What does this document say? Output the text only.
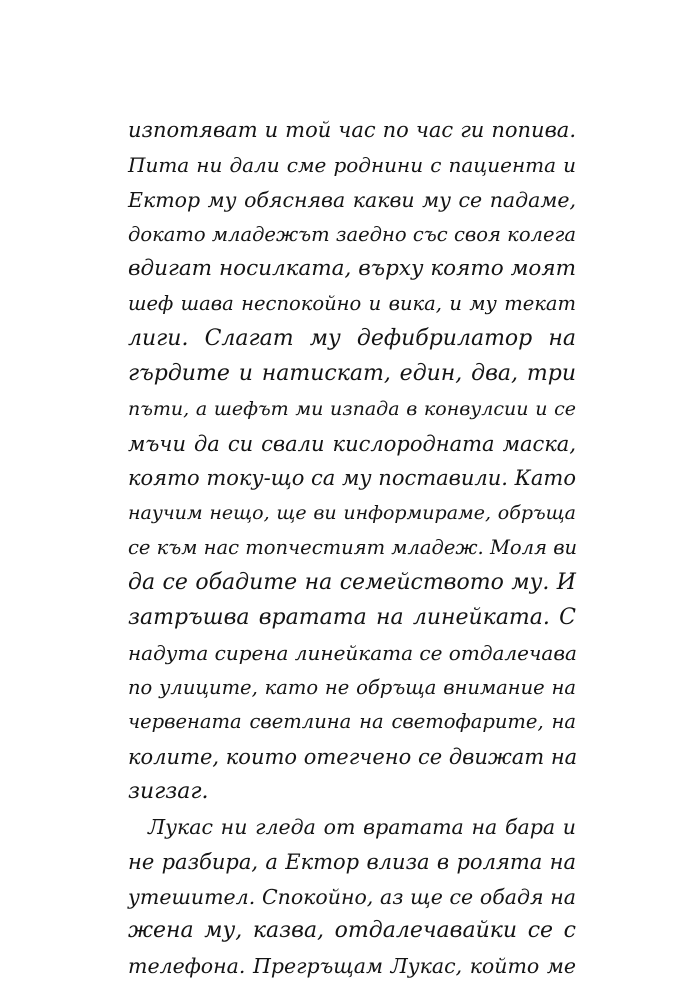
изпотяват и той час по час ги попива.
Пита ни дали сме роднини с пациента и
Ектор му обяснява какви му се падаме,
докато младежът заедно със своя колега
вдигат носилката, върху която моят
шеф шава неспокойно и вика, и му текат
лиги. Слагат му дефибрилатор на
гърдите и натискат, един, два, три
пъти, а шефът ми изпада в конвулсии и се
мъчи да си свали кислородната маска,
която току-що са му поставили. Като
научим нещо, ще ви информираме, обръща
се към нас топчестият младеж. Моля ви
да се обадите на семейството му. И
затръшва вратата на линейката. С
надута сирена линейката се отдалечава
по улиците, като не обръща внимание на
червената светлина на светофарите, на
колите, които отегчено се движат на
зигзаг.
Лукас ни гледа от вратата на бара и
не разбира, а Ектор влиза в ролята на
утешител. Спокойно, аз ще се обадя на
жена му, казва, отдалечавайки се с
телефона. Прегръщам Лукас, който ме
